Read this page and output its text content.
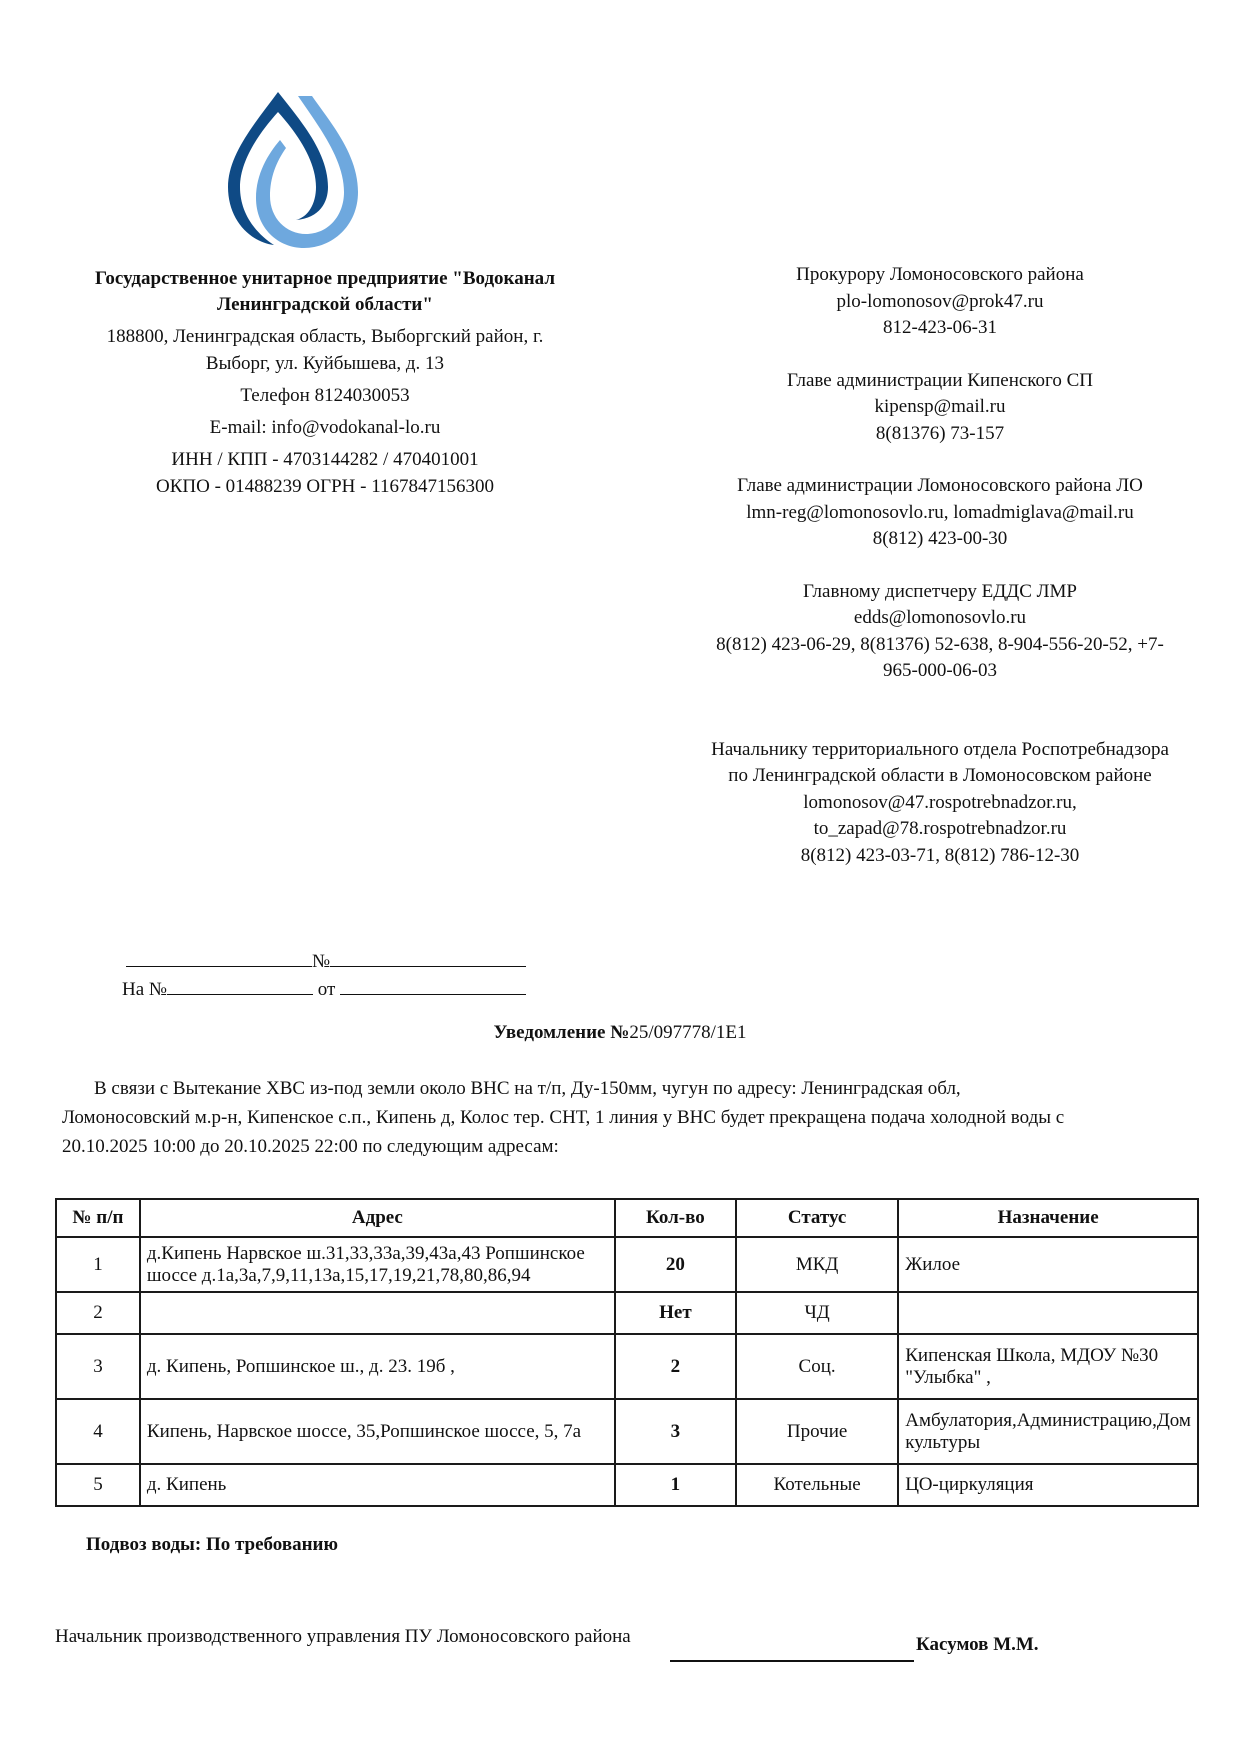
Государственное унитарное предприятие "Водоканал
Ленинградской области"
188800, Ленинградская область, Выборгский район, г.
Выборг, ул. Куйбышева, д. 13
Телефон 8124030053
E-mail: info@vodokanal-lo.ru
ИНН / КПП - 4703144282 / 470401001
ОКПО - 01488239 ОГРН - 1167847156300
Прокурору Ломоносовского района
plo-lomonosov@prok47.ru
812-423-06-31
Главе администрации Кипенского СП
kipensp@mail.ru
8(81376) 73-157
Главе администрации Ломоносовского района ЛО
lmn-reg@lomonosovlo.ru, lomadmiglava@mail.ru
8(812) 423-00-30
Главному диспетчеру ЕДДС ЛМР
edds@lomonosovlo.ru
8(812) 423-06-29, 8(81376) 52-638, 8-904-556-20-52, +7-
965-000-06-03
Начальнику территориального отдела Роспотребнадзора
по Ленинградской области в Ломоносовском районе
lomonosov@47.rospotrebnadzor.ru,
to_zapad@78.rospotrebnadzor.ru
8(812) 423-03-71, 8(812) 786-12-30
№
На №	от
Уведомление №25/097778/1E1
В связи с Вытекание ХВС из-под земли около ВНС на т/п, Ду-150мм, чугун по адресу: Ленинградская обл,
Ломоносовский м.р-н, Кипенское с.п., Кипень д, Колос тер. СНТ, 1 линия у ВНС будет прекращена подача холодной воды с
20.10.2025 10:00 до 20.10.2025 22:00 по следующим адресам:
№ п/п	Адрес	Кол-во	Статус	Назначение
1	д.Кипень Нарвское ш.31,33,33а,39,43а,43 Ропшинское шоссе д.1а,3а,7,9,11,13а,15,17,19,21,78,80,86,94	20	МКД	Жилое
2		Нет	ЧД	
3	д. Кипень, Ропшинское ш., д. 23. 19б ,	2	Соц.	Кипенская Школа, МДОУ №30 "Улыбка" ,
4	Кипень, Нарвское шоссе, 35,Ропшинское шоссе, 5, 7а	3	Прочие	Амбулатория,Администрацию,Дом культуры
5	д. Кипень	1	Котельные	ЦО-циркуляция
Подвоз воды: По требованию
Начальник производственного управления ПУ Ломоносовского района	Касумов М.М.
